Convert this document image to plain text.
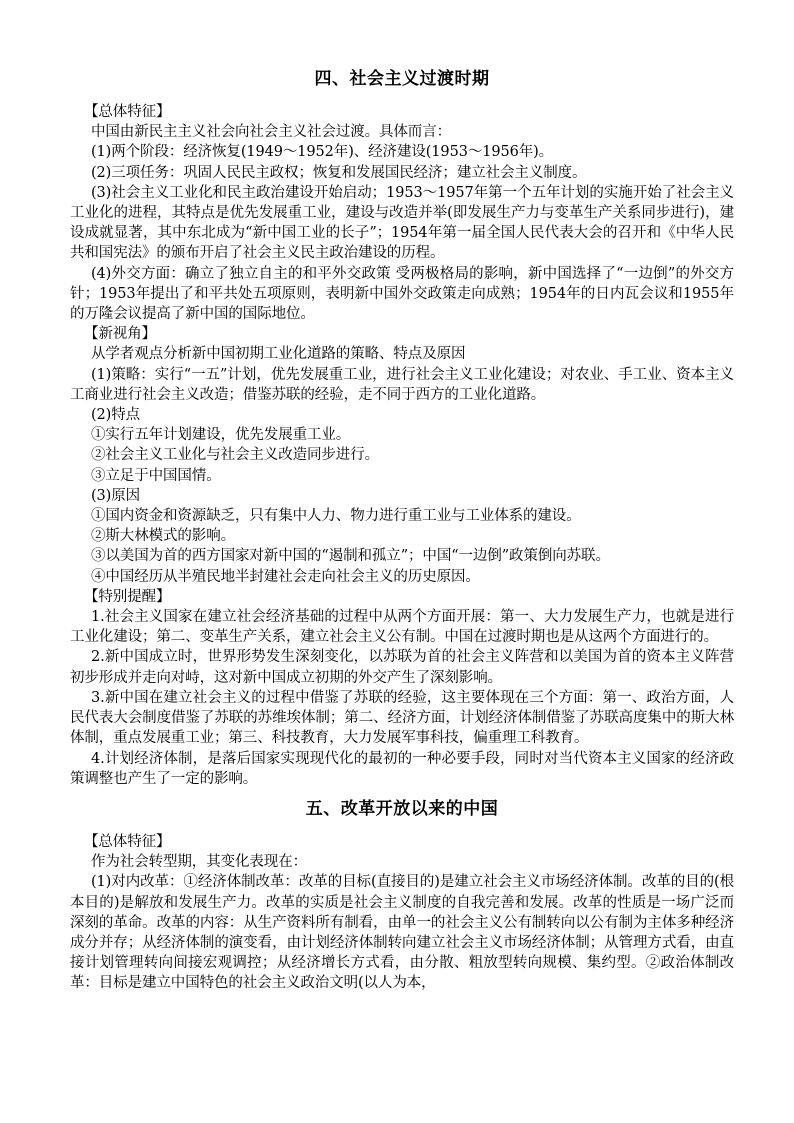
四、社会主义过渡时期

【总体特征】

中国由新民主主义社会向社会主义社会过渡。具体而言：

(1)两个阶段：经济恢复(1949～1952年)、经济建设(1953～1956年)。

(2)三项任务：巩固人民民主政权；恢复和发展国民经济；建立社会主义制度。

(3)社会主义工业化和民主政治建设开始启动；1953～1957年第一个五年计划的实施开始了社会主义工业化的进程，其特点是优先发展重工业，建设与改造并举(即发展生产力与变革生产关系同步进行)，建设成就显著，其中东北成为“新中国工业的长子”；1954年第一届全国人民代表大会的召开和《中华人民共和国宪法》的颁布开启了社会主义民主政治建设的历程。

(4)外交方面：确立了独立自主的和平外交政策 受两极格局的影响，新中国选择了“一边倒”的外交方针；1953年提出了和平共处五项原则，表明新中国外交政策走向成熟；1954年的日内瓦会议和1955年的万隆会议提高了新中国的国际地位。

【新视角】

从学者观点分析新中国初期工业化道路的策略、特点及原因

(1)策略：实行“一五”计划，优先发展重工业，进行社会主义工业化建设；对农业、手工业、资本主义工商业进行社会主义改造；借鉴苏联的经验，走不同于西方的工业化道路。

(2)特点

①实行五年计划建设，优先发展重工业。

②社会主义工业化与社会主义改造同步进行。

③立足于中国国情。

(3)原因

①国内资金和资源缺乏，只有集中人力、物力进行重工业与工业体系的建设。

②斯大林模式的影响。

③以美国为首的西方国家对新中国的“遏制和孤立”；中国“一边倒”政策倒向苏联。

④中国经历从半殖民地半封建社会走向社会主义的历史原因。

【特别提醒】

1.社会主义国家在建立社会经济基础的过程中从两个方面开展：第一、大力发展生产力，也就是进行工业化建设；第二、变革生产关系，建立社会主义公有制。中国在过渡时期也是从这两个方面进行的。

2.新中国成立时，世界形势发生深刻变化，以苏联为首的社会主义阵营和以美国为首的资本主义阵营初步形成并走向对峙，这对新中国成立初期的外交产生了深刻影响。

3.新中国在建立社会主义的过程中借鉴了苏联的经验，这主要体现在三个方面：第一、政治方面，人民代表大会制度借鉴了苏联的苏维埃体制；第二、经济方面，计划经济体制借鉴了苏联高度集中的斯大林体制，重点发展重工业；第三、科技教育，大力发展军事科技，偏重理工科教育。

4.计划经济体制，是落后国家实现现代化的最初的一种必要手段，同时对当代资本主义国家的经济政策调整也产生了一定的影响。

五、改革开放以来的中国

【总体特征】

作为社会转型期，其变化表现在：

(1)对内改革：①经济体制改革：改革的目标(直接目的)是建立社会主义市场经济体制。改革的目的(根本目的)是解放和发展生产力。改革的实质是社会主义制度的自我完善和发展。改革的性质是一场广泛而深刻的革命。改革的内容：从生产资料所有制看，由单一的社会主义公有制转向以公有制为主体多种经济成分并存；从经济体制的演变看，由计划经济体制转向建立社会主义市场经济体制；从管理方式看，由直接计划管理转向间接宏观调控；从经济增长方式看，由分散、粗放型转向规模、集约型。②政治体制改革：目标是建立中国特色的社会主义政治文明(以人为本，
